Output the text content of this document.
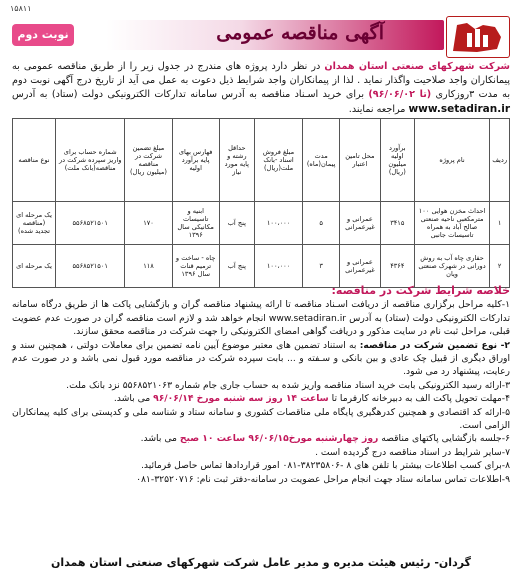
۱۵۸۱۱
آگهی مناقصه عمومی
نوبت دوم
شرکت شهرکهای صنعتی استان همدان در نظر دارد پروژه های مندرج در جدول زیر را از طریق مناقصه عمومی به پیمانکاران واجد صلاحیت واگذار نماید . لذا از پیمانکاران واجد شرایط ذیل دعوت به عمل می آید از تاریخ درج آگهی نوبت دوم به مدت ۳روزکاری (تا ۹۶/۰۶/۰۲) برای خرید اسـناد مناقصه به آدرس سامانه تدارکات الکترونیکی دولت (ستاد) به آدرس www.setadiran.ir مراجعه نمایند.
ردیف	نام پروژه	برآورد اولیه میلیون (ریال)	محل تامین اعتبار	مدت پیمان(ماه)	مبلغ فروش اسناد -بانک ملت(ریال)	حداقل رشته و پایه مورد نیاز	فهارس بهای پایه برآورد اولیه	مبلغ تضمین شرکت در مناقصه (میلیون ریال)	شماره حساب برای واریز سپرده شرکت در مناقصه(بانک ملت)	نوع مناقصه
۱	احداث مخزن هوایی ۱۰۰ مترمکعبی ناحیه صنعتی صالح آباد به همراه تاسیسات جانبی	۳۴۱۵	عمرانی و غیرعمرانی	۵	۱۰۰،۰۰۰	پنج آب	ابنیه و تاسیسات مکانیکی سال ۱۳۹۶	۱۷۰	۵۵۶۸۵۲۱۵۰۱	یک مرحله ای (مناقصه تجدید شده)
۲	حفاری چاه آب به روش دورانی در شهرک صنعتی ویان	۴۳۶۴	عمرانی و غیرعمرانی	۳	۱۰۰،۰۰۰	پنج آب	چاه - ساخت و ترمیم قنات سال ۱۳۹۶	۱۱۸	۵۵۶۸۵۲۱۵۰۱	یک مرحله ای
خلاصه شرایط شرکت در مناقصه:

۱-کلیه مراحل برگزاری مناقصه از دریافت اسـناد مناقصه تا ارائه پیشنهاد مناقصه گران و بازگشایی پاکت ها از طریق درگاه سامانه تدارکات الکترونیکی دولت (ستاد) به آدرس www.setadiran.ir انجام خواهد شد و لازم است مناقصه گران در صورت عدم عضویت قبلی، مراحل ثبت نام در سایت مذکور و دریافت گواهی امضای الکترونیکی را جهت شرکت در مناقصه محقق سازند.

۲- نوع تضمین شرکت در مناقصه: به استناد تضمین های معتبر موضوع آیین نامه تضمین برای معاملات دولتی ، همچنین سند و اوراق دیگری از قبیل چک عادی و بین بانکی و سـفته و ... بابت سپرده شرکت در مناقصه مورد قبول نمی باشد و در صورت عدم رعایت، پیشنهاد رد می شود.

۳-ارائه رسید الکترونیکی بابت خرید اسناد مناقصه واریز شده به حساب جاری جام شماره ۵۵۶۸۵۲۱۰۶۳ نزد بانک ملت.

۴-مهلت تحویل پاکت الف به دبیرخانه کارفرما تا ساعت ۱۴ روز سه شنبه مورخ ۹۶/۰۶/۱۴ می باشد.

۵-ارائه کد اقتصادی و همچنین کدرهگیری پایگاه ملی مناقصات کشوری و سامانه ستاد و شناسه ملی و کدپستی برای کلیه پیمانکاران الزامی است.

۶-جلسه بازگشایی پاکتهای مناقصه روز چهارشنبه مورخ۹۶/۰۶/۱۵ ساعت ۱۰ صبح می باشد.

۷-سایر شرایط در اسناد مناقصه درج گردیده است .

۸-برای کسب اطلاعات بیشتر با تلفن های ۸ -۳۸۲۳۵۸۰۶-۰۸۱ امور قراردادها تماس حاصل فرمائید.

۹-اطلاعات تماس سامانه ستاد جهت انجام مراحل عضویت در سامانه-دفتر ثبت نام: ۳۲۵۲۰۷۱۶-۰۸۱

گردان- رئیس هیئت مدیره و مدیر عامل شرکت شهرکهای صنعتی استان همدان
